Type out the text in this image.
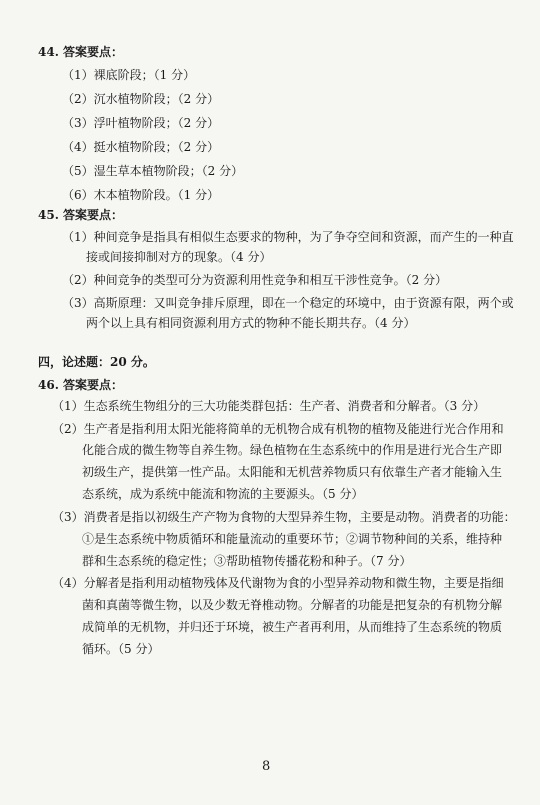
44. 答案要点：
（1）裸底阶段；（1 分）
（2）沉水植物阶段；（2 分）
（3）浮叶植物阶段；（2 分）
（4）挺水植物阶段；（2 分）
（5）湿生草本植物阶段；（2 分）
（6）木本植物阶段。（1 分）
45. 答案要点：
（1）种间竞争是指具有相似生态要求的物种，为了争夺空间和资源，而产生的一种直
接或间接抑制对方的现象。（4 分）
（2）种间竞争的类型可分为资源利用性竞争和相互干涉性竞争。（2 分）
（3）高斯原理：又叫竞争排斥原理，即在一个稳定的环境中，由于资源有限，两个或
两个以上具有相同资源利用方式的物种不能长期共存。（4 分）
四，论述题：20 分。
46. 答案要点：
（1）生态系统生物组分的三大功能类群包括：生产者、消费者和分解者。（3 分）
（2）生产者是指利用太阳光能将简单的无机物合成有机物的植物及能进行光合作用和
化能合成的微生物等自养生物。绿色植物在生态系统中的作用是进行光合生产即
初级生产，提供第一性产品。太阳能和无机营养物质只有依靠生产者才能输入生
态系统，成为系统中能流和物流的主要源头。（5 分）
（3）消费者是指以初级生产产物为食物的大型异养生物，主要是动物。消费者的功能：
①是生态系统中物质循环和能量流动的重要环节；②调节物种间的关系，维持种
群和生态系统的稳定性；③帮助植物传播花粉和种子。（7 分）
（4）分解者是指利用动植物残体及代谢物为食的小型异养动物和微生物，主要是指细
菌和真菌等微生物，以及少数无脊椎动物。分解者的功能是把复杂的有机物分解
成简单的无机物，并归还于环境，被生产者再利用，从而维持了生态系统的物质
循环。（5 分）
8
